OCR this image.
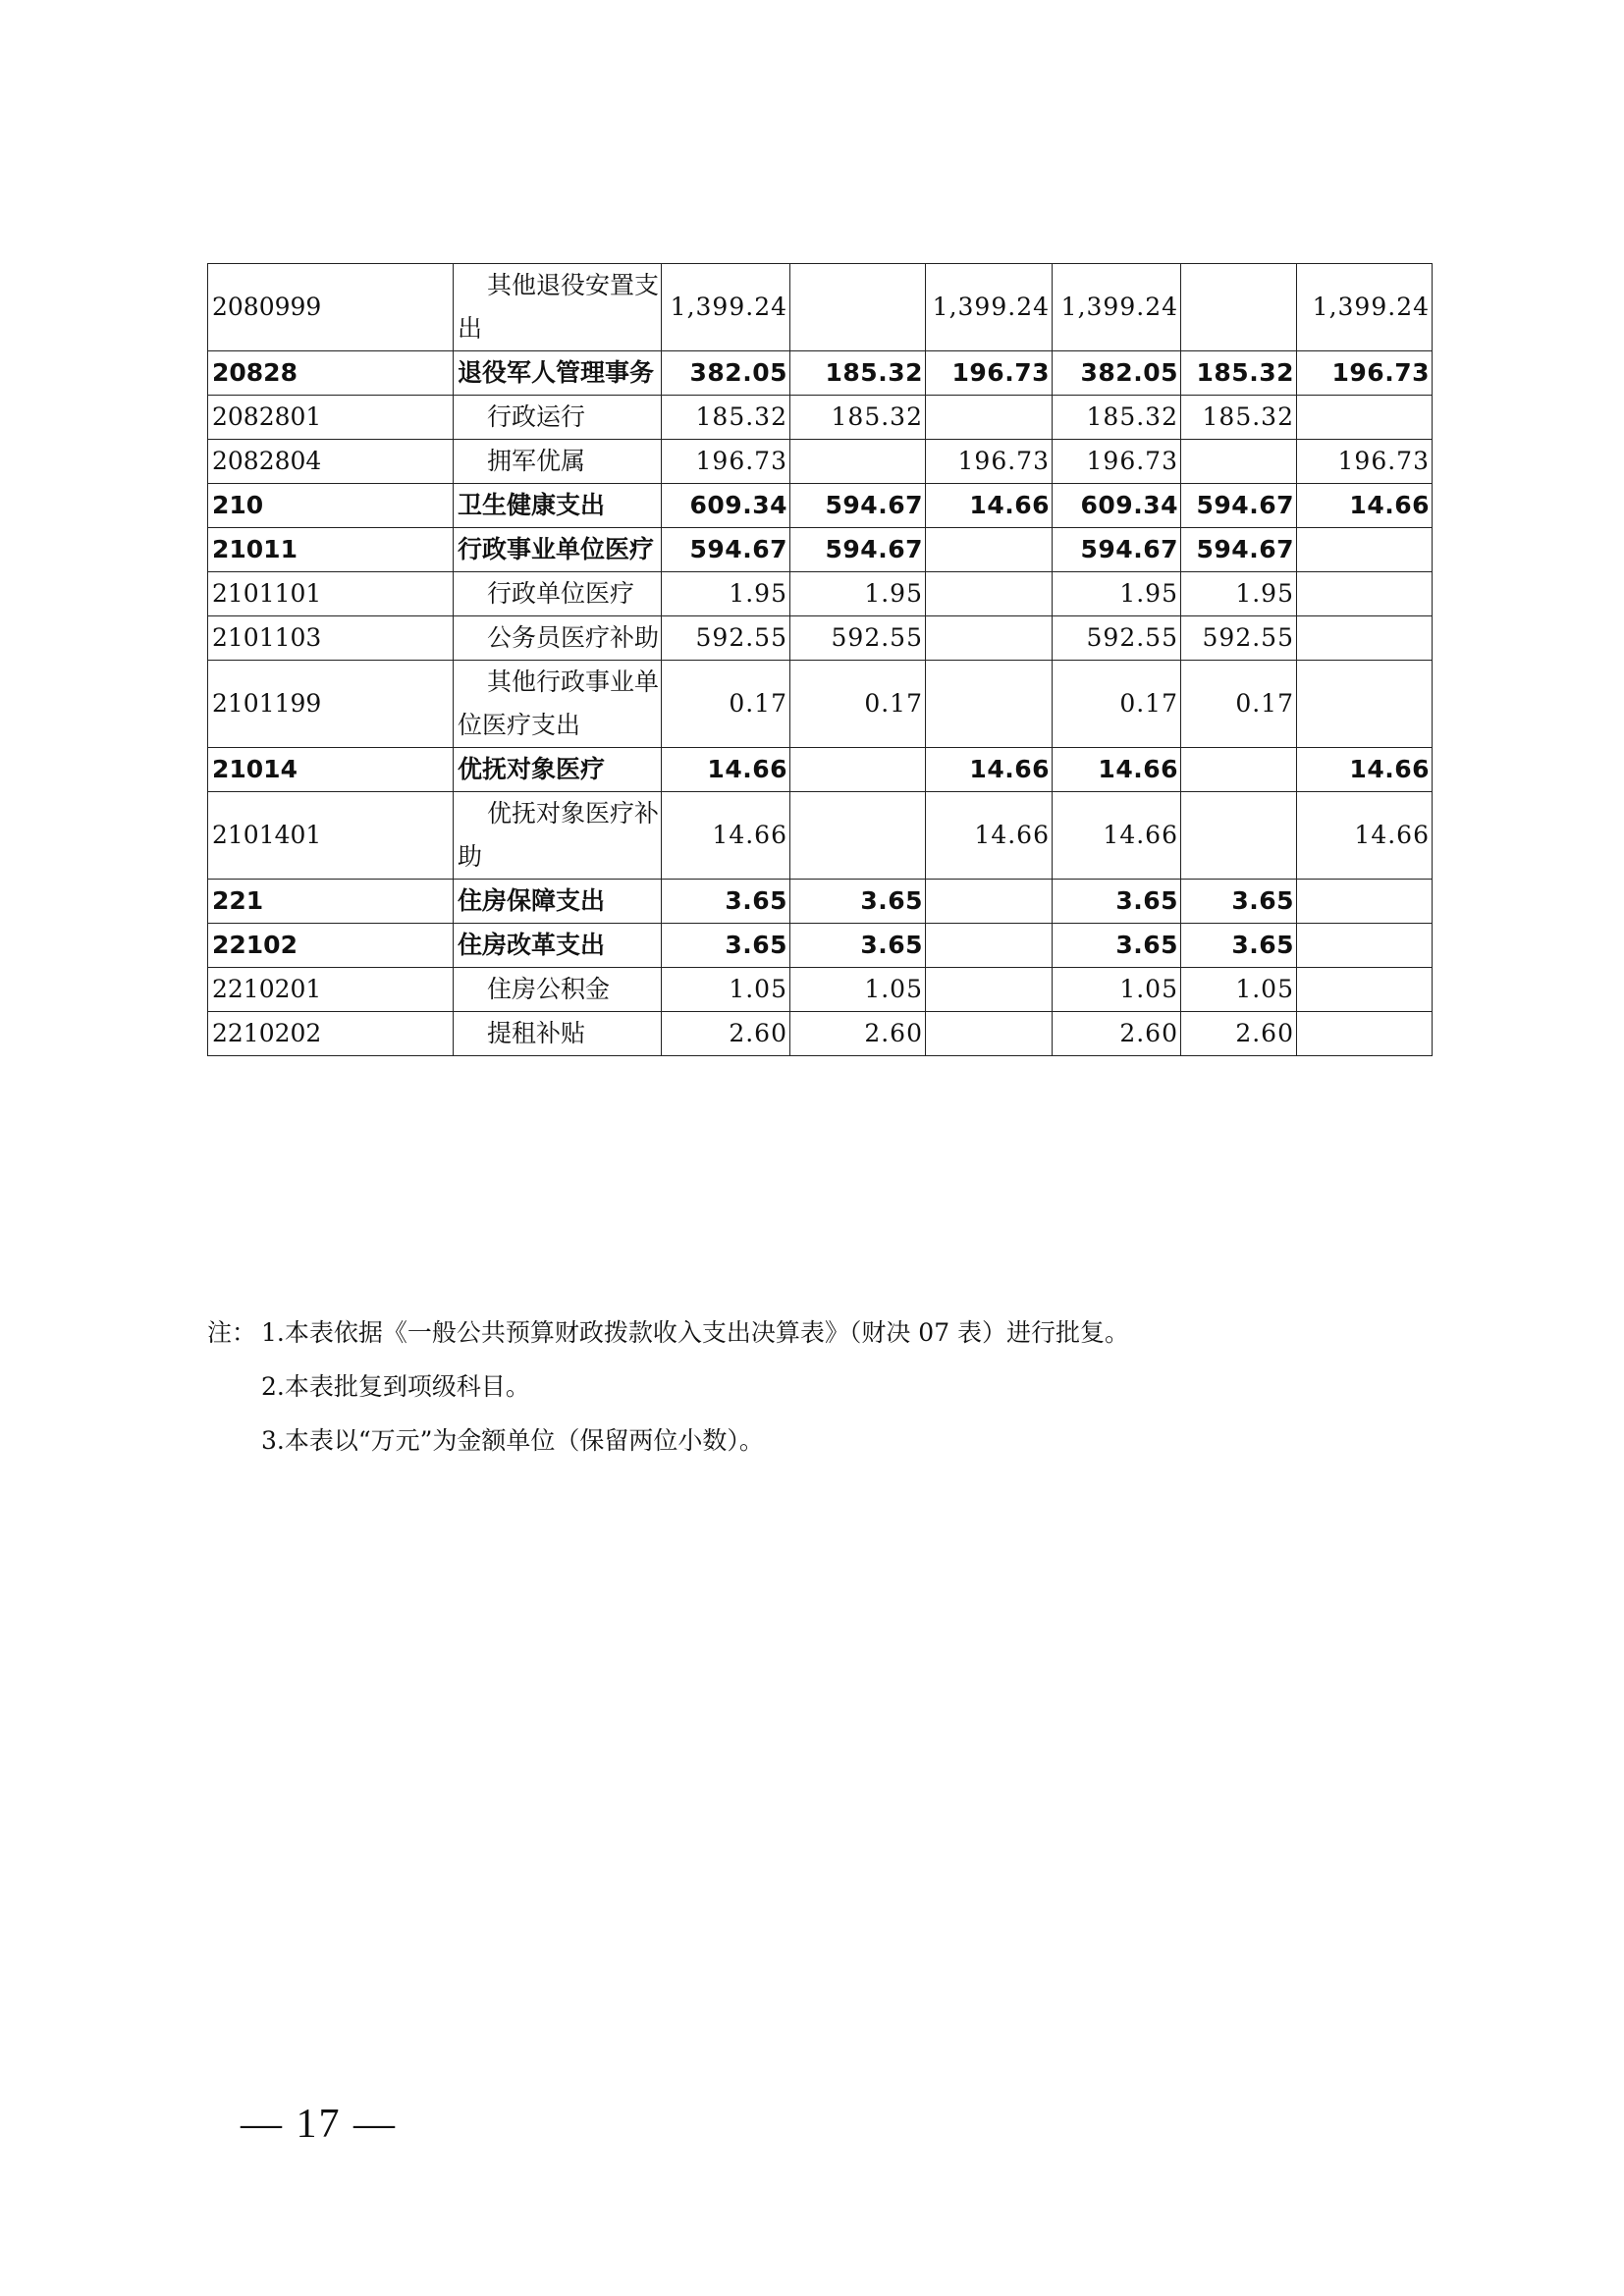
2080999	其他退役安置支出	1,399.24		1,399.24	1,399.24		1,399.24
20828	退役军人管理事务	382.05	185.32	196.73	382.05	185.32	196.73
2082801	行政运行	185.32	185.32		185.32	185.32	
2082804	拥军优属	196.73		196.73	196.73		196.73
210	卫生健康支出	609.34	594.67	14.66	609.34	594.67	14.66
21011	行政事业单位医疗	594.67	594.67		594.67	594.67	
2101101	行政单位医疗	1.95	1.95		1.95	1.95	
2101103	公务员医疗补助	592.55	592.55		592.55	592.55	
2101199	其他行政事业单位医疗支出	0.17	0.17		0.17	0.17	
21014	优抚对象医疗	14.66		14.66	14.66		14.66
2101401	优抚对象医疗补助	14.66		14.66	14.66		14.66
221	住房保障支出	3.65	3.65		3.65	3.65	
22102	住房改革支出	3.65	3.65		3.65	3.65	
2210201	住房公积金	1.05	1.05		1.05	1.05	
2210202	提租补贴	2.60	2.60		2.60	2.60	
注： 1.本表依据《一般公共预算财政拨款收入支出决算表》（财决 07 表）进行批复。
2.本表批复到项级科目。
3.本表以“万元”为金额单位（保留两位小数）。
— 17 —
